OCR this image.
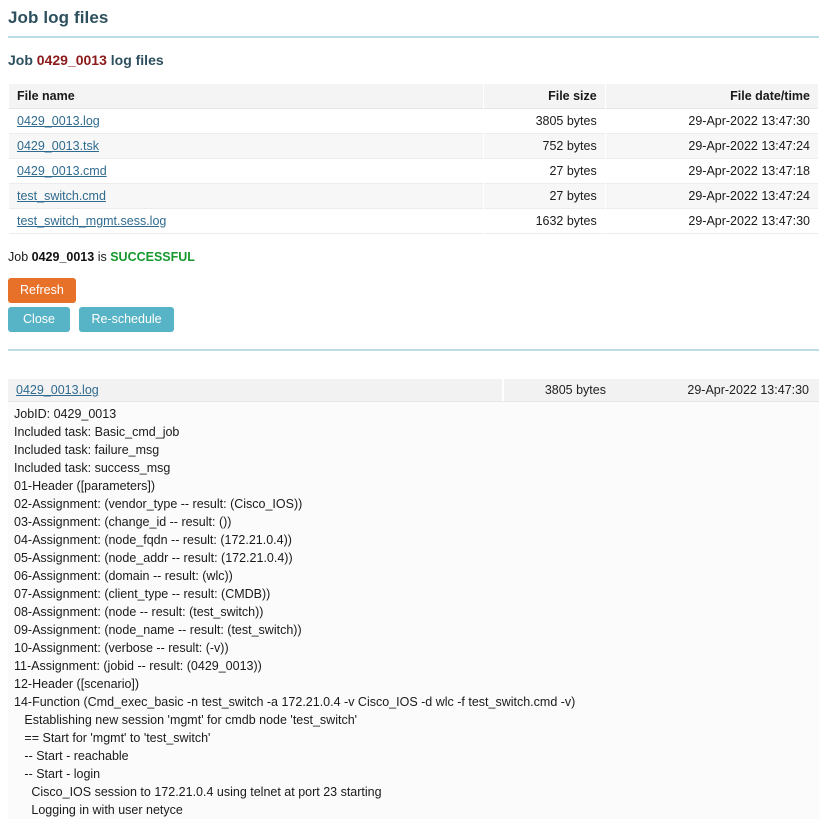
Job log files
Job 0429_0013 log files
File name	File size	File date/time
0429_0013.log	3805 bytes	29-Apr-2022 13:47:30
0429_0013.tsk	752 bytes	29-Apr-2022 13:47:24
0429_0013.cmd	27 bytes	29-Apr-2022 13:47:18
test_switch.cmd	27 bytes	29-Apr-2022 13:47:24
test_switch_mgmt.sess.log	1632 bytes	29-Apr-2022 13:47:30
Job 0429_0013 is SUCCESSFUL
Refresh
Close	Re-schedule
0429_0013.log	3805 bytes	29-Apr-2022 13:47:30
JobID: 0429_0013
Included task: Basic_cmd_job
Included task: failure_msg
Included task: success_msg
01-Header ([parameters])
02-Assignment: (vendor_type -- result: (Cisco_IOS))
03-Assignment: (change_id -- result: ())
04-Assignment: (node_fqdn -- result: (172.21.0.4))
05-Assignment: (node_addr -- result: (172.21.0.4))
06-Assignment: (domain -- result: (wlc))
07-Assignment: (client_type -- result: (CMDB))
08-Assignment: (node -- result: (test_switch))
09-Assignment: (node_name -- result: (test_switch))
10-Assignment: (verbose -- result: (-v))
11-Assignment: (jobid -- result: (0429_0013))
12-Header ([scenario])
14-Function (Cmd_exec_basic -n test_switch -a 172.21.0.4 -v Cisco_IOS -d wlc -f test_switch.cmd -v)
Establishing new session 'mgmt' for cmdb node 'test_switch'
== Start for 'mgmt' to 'test_switch'
-- Start - reachable
-- Start - login
Cisco_IOS session to 172.21.0.4 using telnet at port 23 starting
Logging in with user netyce
